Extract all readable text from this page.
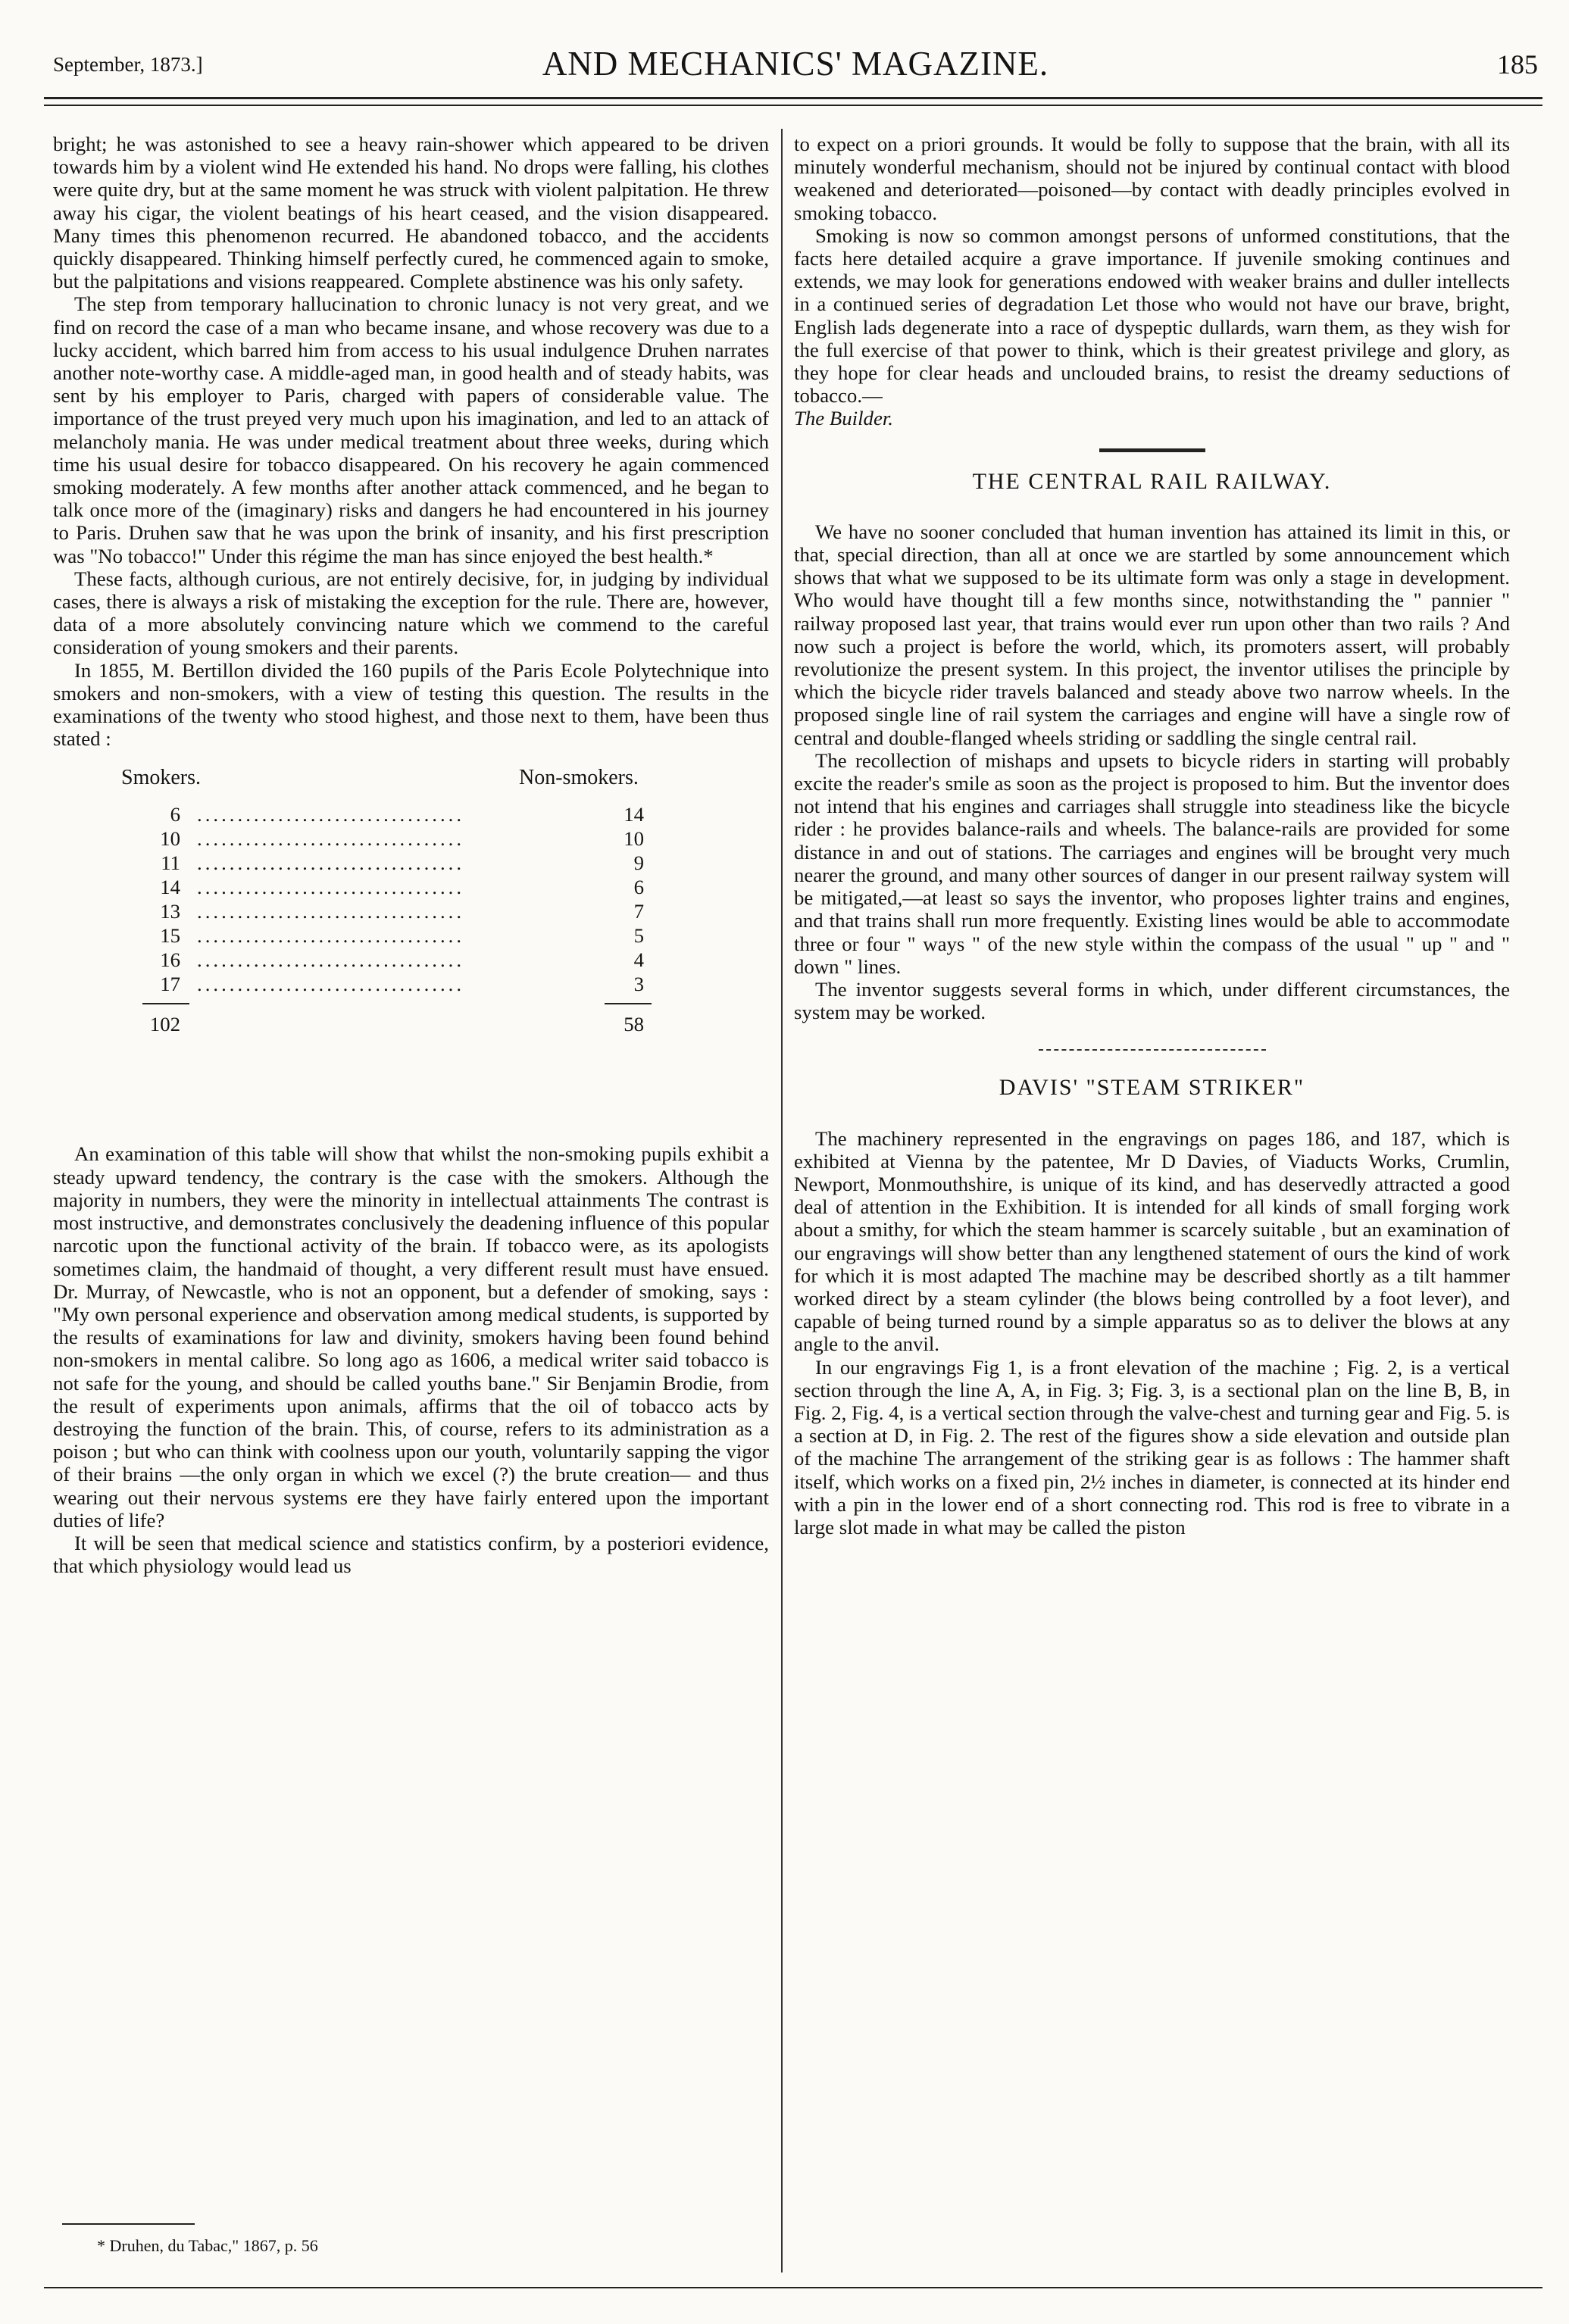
September, 1873.]	AND MECHANICS' MAGAZINE.	185

bright; he was astonished to see a heavy rain-shower which appeared to be driven towards him by a violent wind He extended his hand. No drops were falling, his clothes were quite dry, but at the same moment he was struck with violent palpitation. He threw away his cigar, the violent beatings of his heart ceased, and the vision disappeared. Many times this phenomenon recurred. He abandoned tobacco, and the accidents quickly disappeared. Thinking himself perfectly cured, he commenced again to smoke, but the palpitations and visions reappeared. Complete abstinence was his only safety.

The step from temporary hallucination to chronic lunacy is not very great, and we find on record the case of a man who became insane, and whose recovery was due to a lucky accident, which barred him from access to his usual indulgence Druhen narrates another note-worthy case. A middle-aged man, in good health and of steady habits, was sent by his employer to Paris, charged with papers of considerable value. The importance of the trust preyed very much upon his imagination, and led to an attack of melancholy mania. He was under medical treatment about three weeks, during which time his usual desire for tobacco disappeared. On his recovery he again commenced smoking moderately. A few months after another attack commenced, and he began to talk once more of the (imaginary) risks and dangers he had encountered in his journey to Paris. Druhen saw that he was upon the brink of insanity, and his first prescription was "No tobacco!" Under this régime the man has since enjoyed the best health.*

These facts, although curious, are not entirely decisive, for, in judging by individual cases, there is always a risk of mistaking the exception for the rule. There are, however, data of a more absolutely convincing nature which we commend to the careful consideration of young smokers and their parents.

In 1855, M. Bertillon divided the 160 pupils of the Paris Ecole Polytechnique into smokers and non-smokers, with a view of testing this question. The results in the examinations of the twenty who stood highest, and those next to them, have been thus stated :

Smokers.	Non-smokers.
6 .................................	14
10 .................................	10
11 .................................	9
14 .................................	6
13 .................................	7
15 .................................	5
16 .................................	4
17 .................................	3
102	58

An examination of this table will show that whilst the non-smoking pupils exhibit a steady upward tendency, the contrary is the case with the smokers. Although the majority in numbers, they were the minority in intellectual attainments The contrast is most instructive, and demonstrates conclusively the deadening influence of this popular narcotic upon the functional activity of the brain. If tobacco were, as its apologists sometimes claim, the handmaid of thought, a very different result must have ensued. Dr. Murray, of Newcastle, who is not an opponent, but a defender of smoking, says : "My own personal experience and observation among medical students, is supported by the results of examinations for law and divinity, smokers having been found behind non-smokers in mental calibre. So long ago as 1606, a medical writer said tobacco is not safe for the young, and should be called youths bane." Sir Benjamin Brodie, from the result of experiments upon animals, affirms that the oil of tobacco acts by destroying the function of the brain. This, of course, refers to its administration as a poison ; but who can think with coolness upon our youth, voluntarily sapping the vigor of their brains —the only organ in which we excel (?) the brute creation— and thus wearing out their nervous systems ere they have fairly entered upon the important duties of life?

It will be seen that medical science and statistics confirm, by a posteriori evidence, that which physiology would lead us

* Druhen, du Tabac," 1867, p. 56

to expect on a priori grounds. It would be folly to suppose that the brain, with all its minutely wonderful mechanism, should not be injured by continual contact with blood weakened and deteriorated—poisoned—by contact with deadly principles evolved in smoking tobacco.

Smoking is now so common amongst persons of unformed constitutions, that the facts here detailed acquire a grave importance. If juvenile smoking continues and extends, we may look for generations endowed with weaker brains and duller intellects in a continued series of degradation Let those who would not have our brave, bright, English lads degenerate into a race of dyspeptic dullards, warn them, as they wish for the full exercise of that power to think, which is their greatest privilege and glory, as they hope for clear heads and unclouded brains, to resist the dreamy seductions of tobacco.—

The Builder.

THE CENTRAL RAIL RAILWAY.

We have no sooner concluded that human invention has attained its limit in this, or that, special direction, than all at once we are startled by some announcement which shows that what we supposed to be its ultimate form was only a stage in development. Who would have thought till a few months since, notwithstanding the " pannier " railway proposed last year, that trains would ever run upon other than two rails ? And now such a project is before the world, which, its promoters assert, will probably revolutionize the present system. In this project, the inventor utilises the principle by which the bicycle rider travels balanced and steady above two narrow wheels. In the proposed single line of rail system the carriages and engine will have a single row of central and double-flanged wheels striding or saddling the single central rail.

The recollection of mishaps and upsets to bicycle riders in starting will probably excite the reader's smile as soon as the project is proposed to him. But the inventor does not intend that his engines and carriages shall struggle into steadiness like the bicycle rider : he provides balance-rails and wheels. The balance-rails are provided for some distance in and out of stations. The carriages and engines will be brought very much nearer the ground, and many other sources of danger in our present railway system will be mitigated,—at least so says the inventor, who proposes lighter trains and engines, and that trains shall run more frequently. Existing lines would be able to accommodate three or four " ways " of the new style within the compass of the usual " up " and " down " lines.

The inventor suggests several forms in which, under different circumstances, the system may be worked.

DAVIS' "STEAM STRIKER"

The machinery represented in the engravings on pages 186, and 187, which is exhibited at Vienna by the patentee, Mr D Davies, of Viaducts Works, Crumlin, Newport, Monmouthshire, is unique of its kind, and has deservedly attracted a good deal of attention in the Exhibition. It is intended for all kinds of small forging work about a smithy, for which the steam hammer is scarcely suitable , but an examination of our engravings will show better than any lengthened statement of ours the kind of work for which it is most adapted The machine may be described shortly as a tilt hammer worked direct by a steam cylinder (the blows being controlled by a foot lever), and capable of being turned round by a simple apparatus so as to deliver the blows at any angle to the anvil.

In our engravings Fig 1, is a front elevation of the machine ; Fig. 2, is a vertical section through the line A, A, in Fig. 3; Fig. 3, is a sectional plan on the line B, B, in Fig. 2, Fig. 4, is a vertical section through the valve-chest and turning gear and Fig. 5. is a section at D, in Fig. 2. The rest of the figures show a side elevation and outside plan of the machine The arrangement of the striking gear is as follows : The hammer shaft itself, which works on a fixed pin, 2½ inches in diameter, is connected at its hinder end with a pin in the lower end of a short connecting rod. This rod is free to vibrate in a large slot made in what may be called the piston
